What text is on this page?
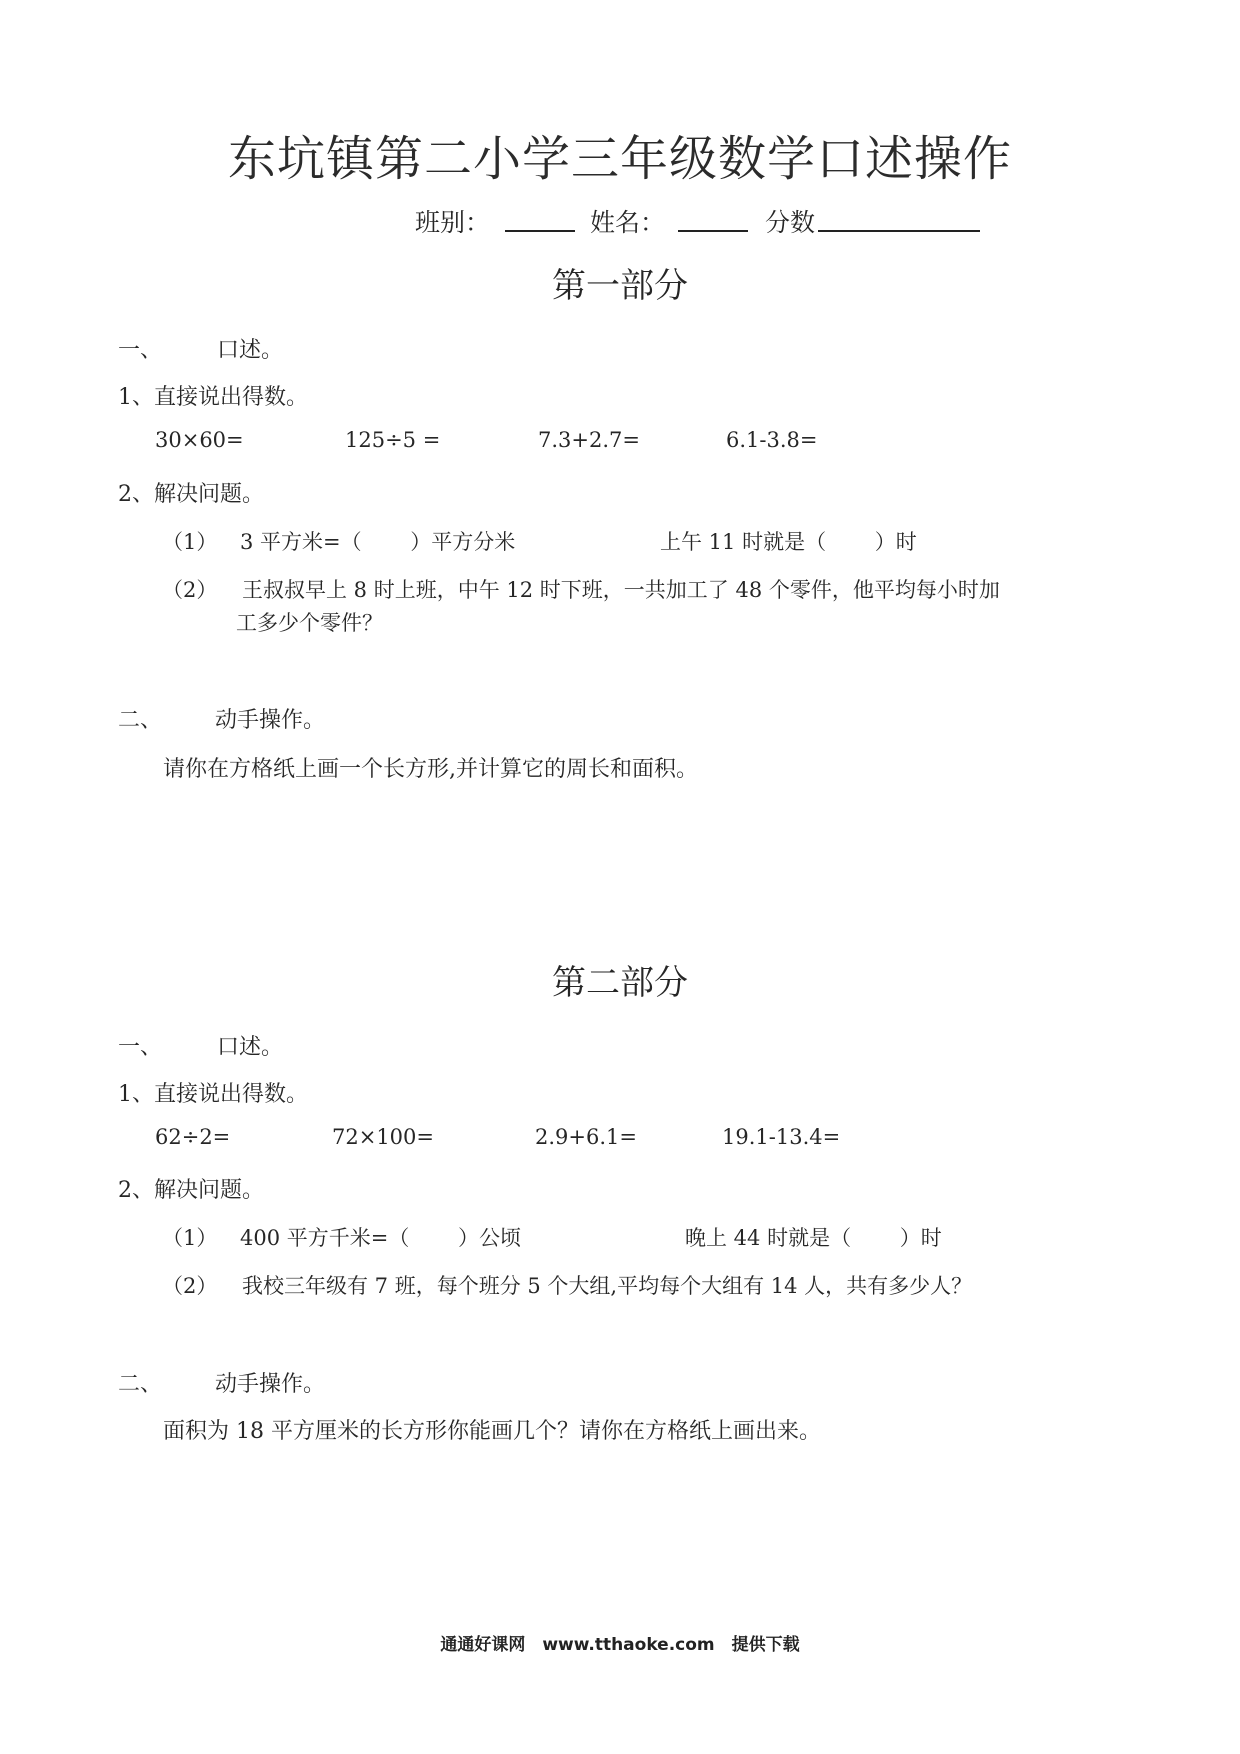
东坑镇第二小学三年级数学口述操作
班别：	姓名：	分数
第一部分
一、 口述。
1、直接说出得数。
30×60=	125÷5 =	7.3+2.7=	6.1-3.8=
2、解决问题。
（1） 3 平方米=（　　 ）平方分米	上午 11 时就是（　　 ）时
（2） 王叔叔早上 8 时上班，中午 12 时下班，一共加工了 48 个零件，他平均每小时加
工多少个零件？
二、 动手操作。
请你在方格纸上画一个长方形,并计算它的周长和面积。
第二部分
一、 口述。
1、直接说出得数。
62÷2=	72×100=	2.9+6.1=	19.1-13.4=
2、解决问题。
（1） 400 平方千米=（　　 ）公顷	晚上 44 时就是（　　 ）时
（2） 我校三年级有 7 班，每个班分 5 个大组,平均每个大组有 14 人，共有多少人？
二、 动手操作。
面积为 18 平方厘米的长方形你能画几个？请你在方格纸上画出来。
通通好课网　www.tthaoke.com　提供下载
